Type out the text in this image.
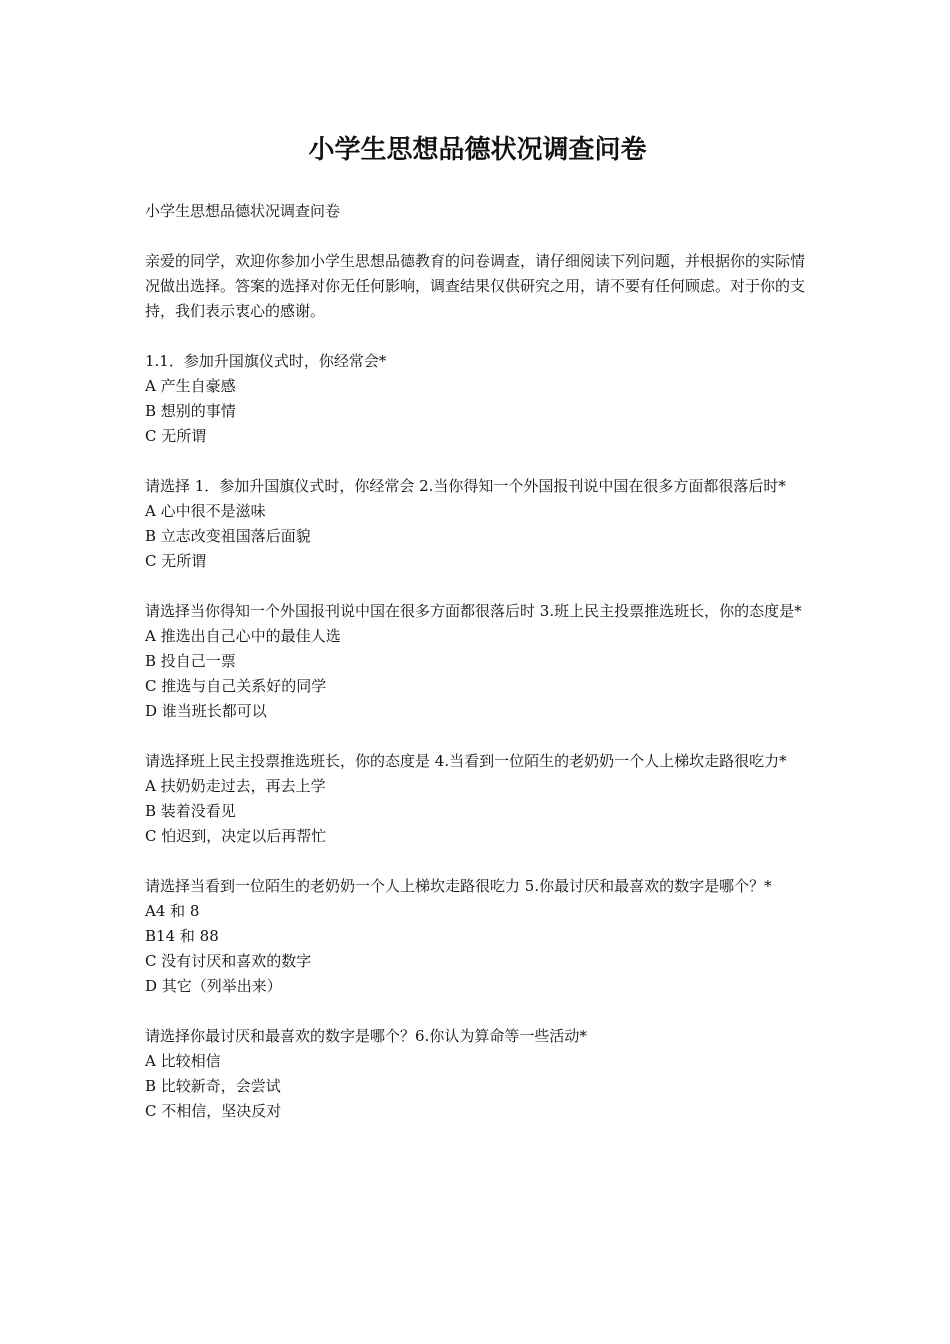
小学生思想品德状况调查问卷

小学生思想品德状况调查问卷

亲爱的同学，欢迎你参加小学生思想品德教育的问卷调查，请仔细阅读下列问题，并根据你的实际情况做出选择。答案的选择对你无任何影响，调查结果仅供研究之用，请不要有任何顾虑。对于你的支持，我们表示衷心的感谢。

1.1．参加升国旗仪式时，你经常会*

A 产生自豪感
B 想别的事情
C 无所谓

请选择 1．参加升国旗仪式时，你经常会 2.当你得知一个外国报刊说中国在很多方面都很落后时*

A 心中很不是滋味
B 立志改变祖国落后面貌
C 无所谓

请选择当你得知一个外国报刊说中国在很多方面都很落后时 3.班上民主投票推选班长，你的态度是*

A 推选出自己心中的最佳人选
B 投自己一票
C 推选与自己关系好的同学
D 谁当班长都可以

请选择班上民主投票推选班长，你的态度是 4.当看到一位陌生的老奶奶一个人上梯坎走路很吃力*

A 扶奶奶走过去，再去上学
B 装着没看见
C 怕迟到，决定以后再帮忙

请选择当看到一位陌生的老奶奶一个人上梯坎走路很吃力 5.你最讨厌和最喜欢的数字是哪个？*

A4 和 8
B14 和 88
C 没有讨厌和喜欢的数字
D 其它（列举出来）

请选择你最讨厌和最喜欢的数字是哪个？6.你认为算命等一些活动*

A 比较相信
B 比较新奇，会尝试
C 不相信，坚决反对
